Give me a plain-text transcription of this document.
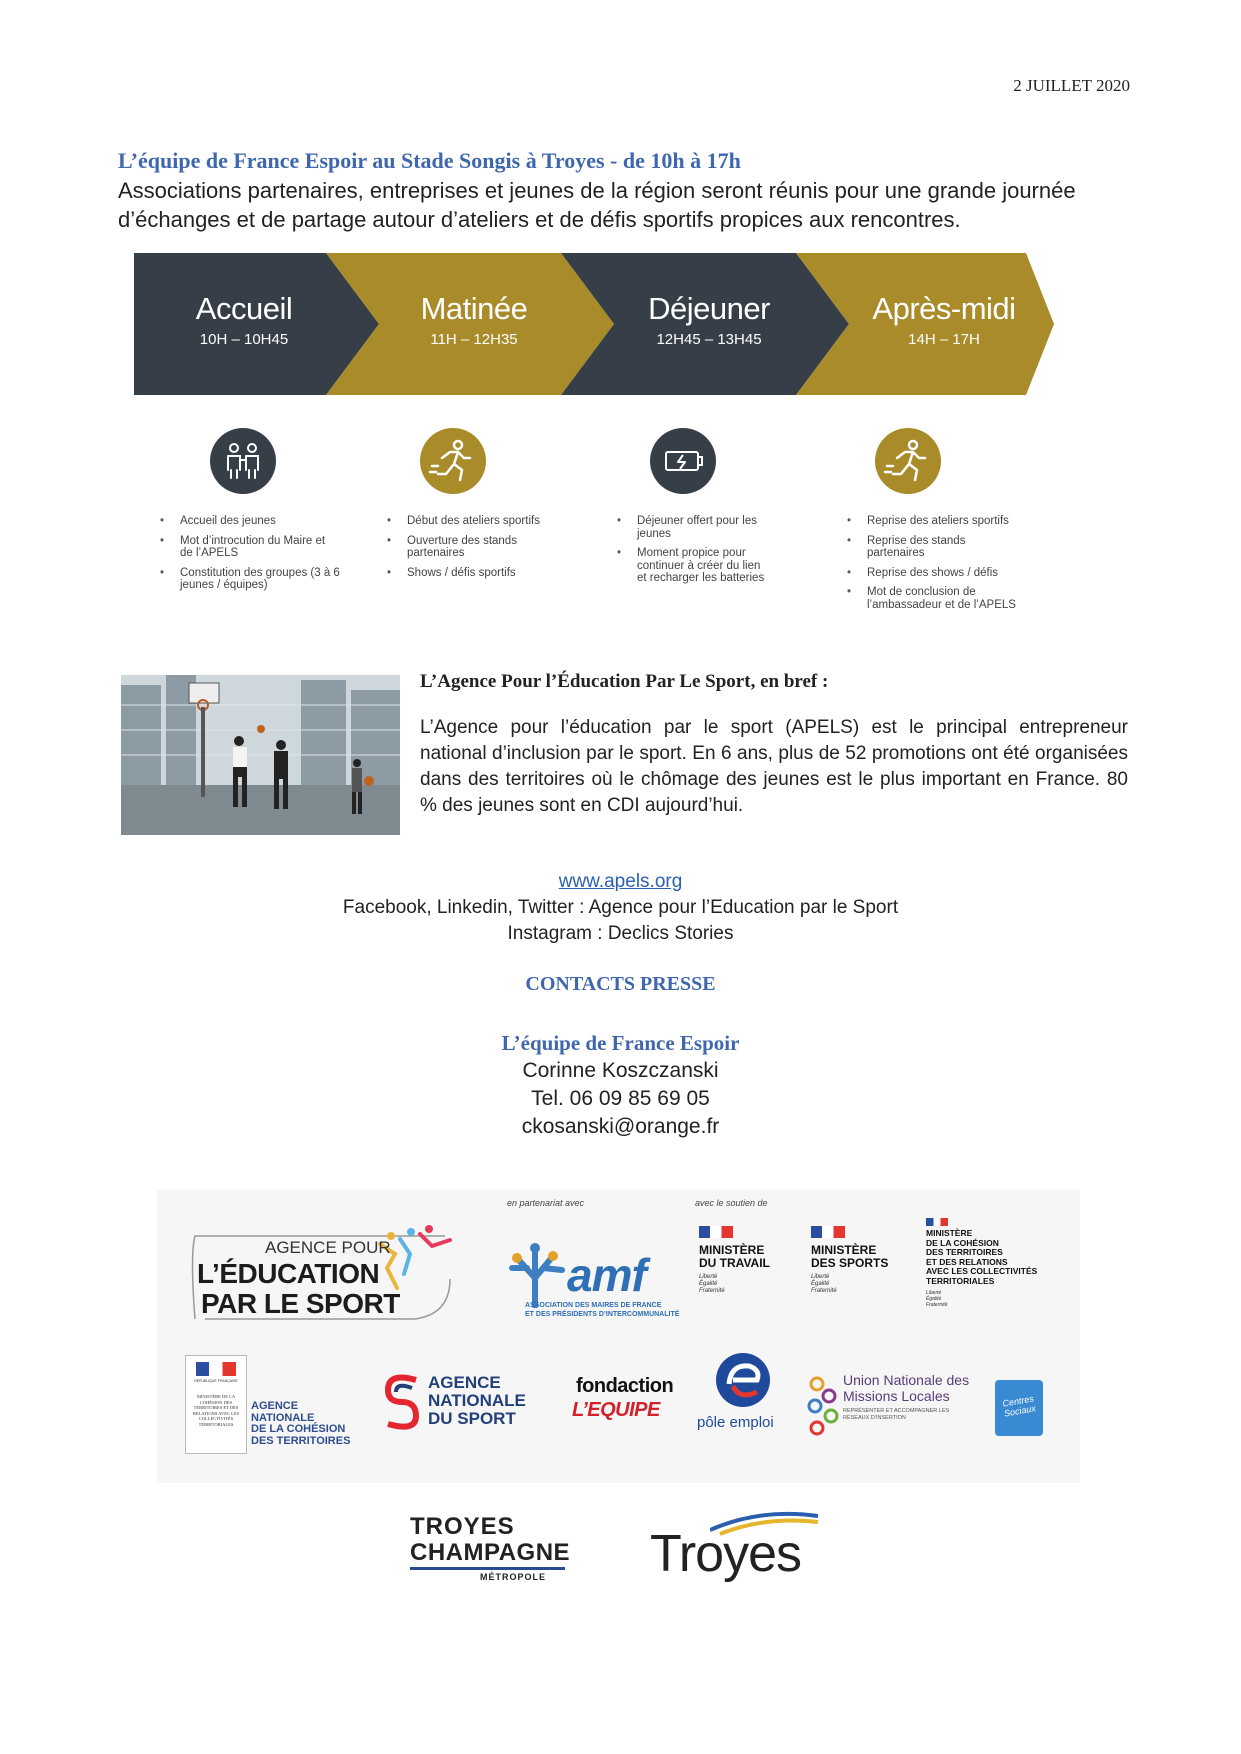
2 JUILLET 2020
L’équipe de France Espoir au Stade Songis à Troyes - de 10h à 17h
Associations partenaires, entreprises et jeunes de la région seront réunis pour une grande journée d’échanges et de partage autour d’ateliers et de défis sportifs propices aux rencontres.
Accueil
10H – 10H45
Matinée
11H – 12H35
Déjeuner
12H45 – 13H45
Après-midi
14H – 17H
• Accueil des jeunes
• Mot d’introcution du Maire et de l’APELS
• Constitution des groupes (3 à 6 jeunes / équipes)
• Début des ateliers sportifs
• Ouverture des stands partenaires
• Shows / défis sportifs
• Déjeuner offert pour les jeunes
• Moment propice pour continuer à créer du lien et recharger les batteries
• Reprise des ateliers sportifs
• Reprise des stands partenaires
• Reprise des shows / défis
• Mot de conclusion de l’ambassadeur et de l’APELS
L’Agence Pour l’Éducation Par Le Sport, en bref :
L’Agence pour l’éducation par le sport (APELS) est le principal entrepreneur national d’inclusion par le sport. En 6 ans, plus de 52 promotions ont été organisées dans des territoires où le chômage des jeunes est le plus important en France. 80 % des jeunes sont en CDI aujourd’hui.
www.apels.org
Facebook, Linkedin, Twitter : Agence pour l’Education par le Sport
Instagram : Declics Stories
CONTACTS PRESSE
L’équipe de France Espoir
Corinne Koszczanski
Tel. 06 09 85 69 05
ckosanski@orange.fr
AGENCE POUR
L’ÉDUCATION
PAR LE SPORT
en partenariat avec
amf
ASSOCIATION DES MAIRES DE FRANCE
ET DES PRÉSIDENTS D’INTERCOMMUNALITÉ
avec le soutien de
MINISTÈRE
DU TRAVAIL
Liberté
Égalité
Fraternité
MINISTÈRE
DES SPORTS
Liberté
Égalité
Fraternité
MINISTÈRE
DE LA COHÉSION
DES TERRITOIRES
ET DES RELATIONS
AVEC LES COLLECTIVITÉS
TERRITORIALES
Liberté
Égalité
Fraternité
RÉPUBLIQUE FRANÇAISE
MINISTÈRE DE LA COHÉSION DES TERRITOIRES ET DES RELATIONS AVEC LES COLLECTIVITÉS TERRITORIALES
AGENCE
NATIONALE
DE LA COHÉSION
DES TERRITOIRES
AGENCE
NATIONALE
DU SPORT
fondaction
L’EQUIPE
pôle emploi
Union Nationale des
Missions Locales
REPRÉSENTER ET ACCOMPAGNER LES RÉSEAUX D’INSERTION
Centres Sociaux
TROYES
CHAMPAGNE
MÉTROPOLE Troyes
